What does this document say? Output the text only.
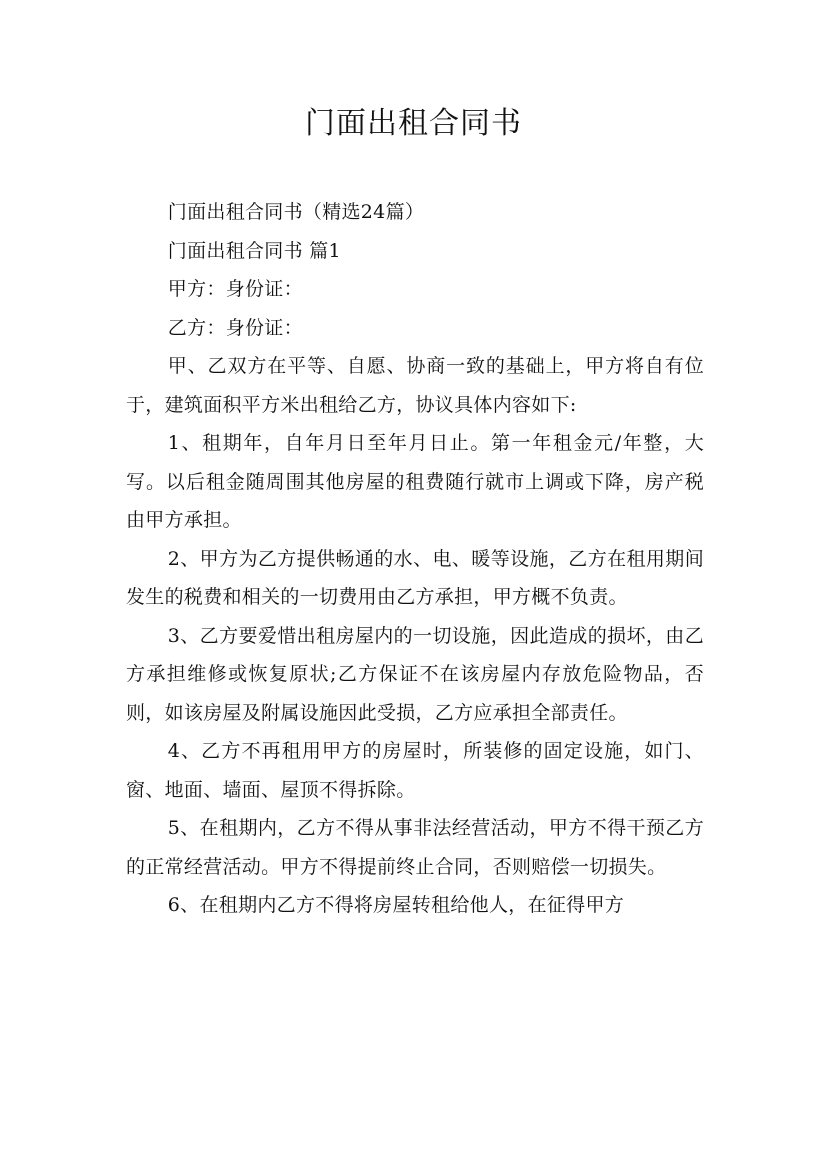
门面出租合同书

门面出租合同书（精选24篇）

门面出租合同书 篇1

甲方：身份证：

乙方：身份证：

甲、乙双方在平等、自愿、协商一致的基础上，甲方将自有位于，建筑面积平方米出租给乙方，协议具体内容如下:

1、租期年，自年月日至年月日止。第一年租金元/年整，大写。以后租金随周围其他房屋的租费随行就市上调或下降，房产税由甲方承担。

2、甲方为乙方提供畅通的水、电、暖等设施，乙方在租用期间发生的税费和相关的一切费用由乙方承担，甲方概不负责。

3、乙方要爱惜出租房屋内的一切设施，因此造成的损坏，由乙方承担维修或恢复原状;乙方保证不在该房屋内存放危险物品，否则，如该房屋及附属设施因此受损，乙方应承担全部责任。

4、乙方不再租用甲方的房屋时，所装修的固定设施，如门、窗、地面、墙面、屋顶不得拆除。

5、在租期内，乙方不得从事非法经营活动，甲方不得干预乙方的正常经营活动。甲方不得提前终止合同，否则赔偿一切损失。

6、在租期内乙方不得将房屋转租给他人，在征得甲方
